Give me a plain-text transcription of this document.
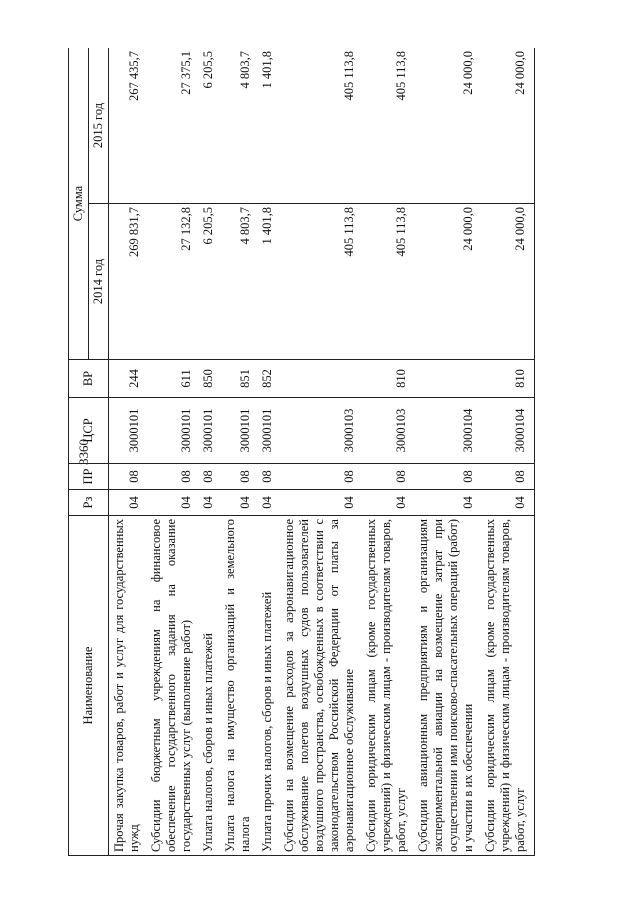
3360
Наименование	Рз	ПР	ЦСР	ВР	Сумма	
					2014 год	2015 год
Прочая закупка товаров, работ и услуг для государственных нужд	04	08	3000101	244	269 831,7	267 435,7
Субсидии бюджетным учреждениям на финансовое обеспечение государственного задания на оказание государственных услуг (выполнение работ)	04	08	3000101	611	27 132,8	27 375,1
Уплата налогов, сборов и иных платежей	04	08	3000101	850	6 205,5	6 205,5
Уплата налога на имущество организаций и земельного налога	04	08	3000101	851	4 803,7	4 803,7
Уплата прочих налогов, сборов и иных платежей	04	08	3000101	852	1 401,8	1 401,8
Субсидии на возмещение расходов за аэронавигационное обслуживание полетов воздушных судов пользователей воздушного пространства, освобожденных в соответствии с законодательством Российской Федерации от платы за аэронавигационное обслуживание	04	08	3000103		405 113,8	405 113,8
Субсидии юридическим лицам (кроме государственных учреждений) и физическим лицам - производителям товаров, работ, услуг	04	08	3000103	810	405 113,8	405 113,8
Субсидии авиационным предприятиям и организациям экспериментальной авиации на возмещение затрат при осуществлении ими поисково-спасательных операций (работ) и участии в их обеспечении	04	08	3000104		24 000,0	24 000,0
Субсидии юридическим лицам (кроме государственных учреждений) и физическим лицам - производителям товаров, работ, услуг	04	08	3000104	810	24 000,0	24 000,0
